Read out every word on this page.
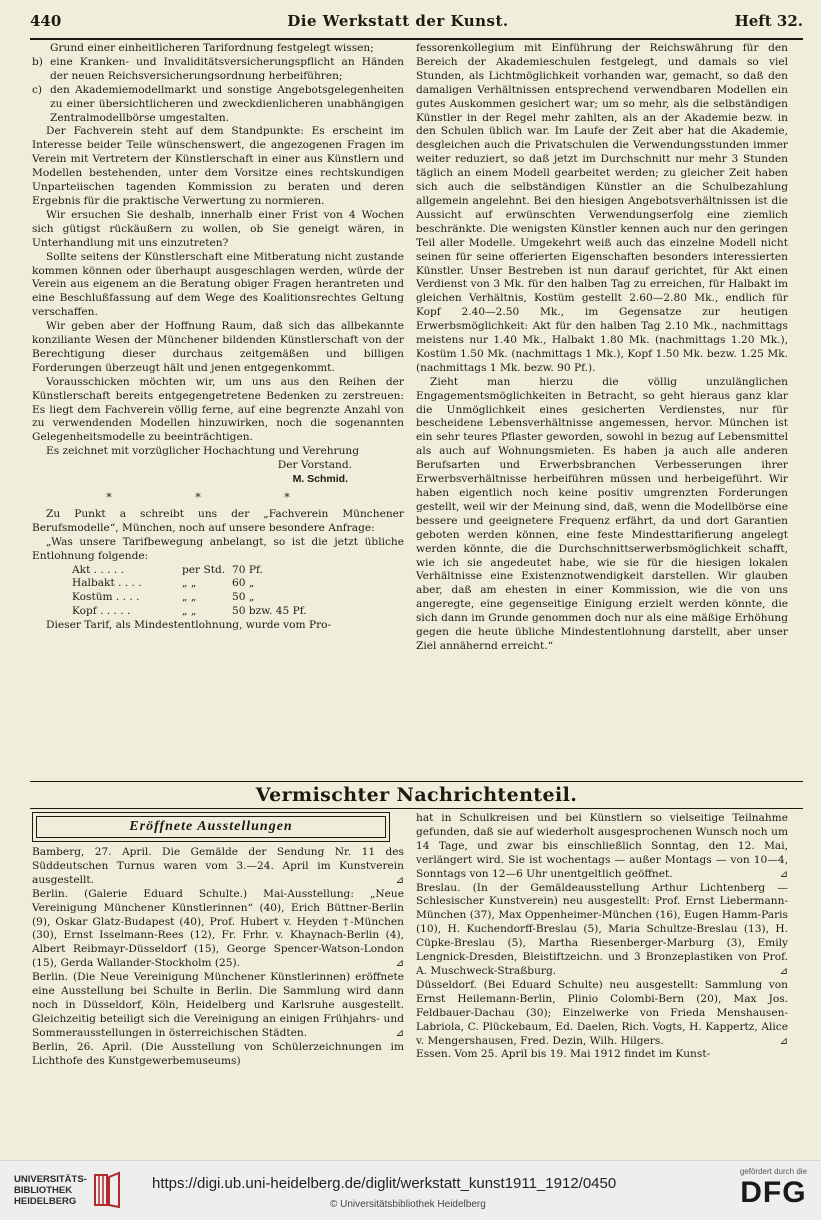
440	Die Werkstatt der Kunst.	Heft 32.

Grund einer einheitlicheren Tarifordnung festgelegt wissen;

b) eine Kranken- und Invaliditätsversicherungspflicht an Händen der neuen Reichsversicherungsordnung herbeiführen;
c) den Akademiemodellmarkt und sonstige Angebotsgelegenheiten zu einer übersichtlicheren und zweckdienlicheren unabhängigen Zentralmodellbörse umgestalten.

Der Fachverein steht auf dem Standpunkte: Es erscheint im Interesse beider Teile wünschenswert, die angezogenen Fragen im Verein mit Vertretern der Künstlerschaft in einer aus Künstlern und Modellen bestehenden, unter dem Vorsitze eines rechtskundigen Unparteiischen tagenden Kommission zu beraten und deren Ergebnis für die praktische Verwertung zu normieren.

Wir ersuchen Sie deshalb, innerhalb einer Frist von 4 Wochen sich gütigst rückäußern zu wollen, ob Sie geneigt wären, in Unterhandlung mit uns einzutreten?

Sollte seitens der Künstlerschaft eine Mitberatung nicht zustande kommen können oder überhaupt ausgeschlagen werden, würde der Verein aus eigenem an die Beratung obiger Fragen herantreten und eine Beschlußfassung auf dem Wege des Koalitionsrechtes Geltung verschaffen.

Wir geben aber der Hoffnung Raum, daß sich das allbekannte konziliante Wesen der Münchener bildenden Künstlerschaft von der Berechtigung dieser durchaus zeitgemäßen und billigen Forderungen überzeugt hält und jenen entgegenkommt.

Vorausschicken möchten wir, um uns aus den Reihen der Künstlerschaft bereits entgegengetretene Bedenken zu zerstreuen: Es liegt dem Fachverein völlig ferne, auf eine begrenzte Anzahl von zu verwendenden Modellen hinzuwirken, noch die sogenannten Gelegenheitsmodelle zu beeinträchtigen.

Es zeichnet mit vorzüglicher Hochachtung und Verehrung

Der Vorstand.
M. Schmid.
* * *

Zu Punkt a schreibt uns der „Fachverein Münchener Berufsmodelle“, München, noch auf unsere besondere Anfrage:

„Was unsere Tarifbewegung anbelangt, so ist die jetzt übliche Entlohnung folgende:

Akt . . . . .	per Std. 70 Pf.
Halbakt . . . .	„ „	60 „
Kostüm . . . .	„ „	50 „
Kopf . . . . .	„ „	50 bzw. 45 Pf.

Dieser Tarif, als Mindestentlohnung, wurde vom Pro-

fessorenkollegium mit Einführung der Reichswährung für den Bereich der Akademieschulen festgelegt, und damals so viel Stunden, als Lichtmöglichkeit vorhanden war, gemacht, so daß den damaligen Verhältnissen entsprechend verwendbaren Modellen ein gutes Auskommen gesichert war; um so mehr, als die selbständigen Künstler in der Regel mehr zahlten, als an der Akademie bezw. in den Schulen üblich war. Im Laufe der Zeit aber hat die Akademie, desgleichen auch die Privatschulen die Verwendungsstunden immer weiter reduziert, so daß jetzt im Durchschnitt nur mehr 3 Stunden täglich an einem Modell gearbeitet werden; zu gleicher Zeit haben sich auch die selbständigen Künstler an die Schulbezahlung allgemein angelehnt. Bei den hiesigen Angebotsverhältnissen ist die Aussicht auf erwünschten Verwendungserfolg eine ziemlich beschränkte. Die wenigsten Künstler kennen auch nur den geringen Teil aller Modelle. Umgekehrt weiß auch das einzelne Modell nicht seinen für seine offerierten Eigenschaften besonders interessierten Künstler. Unser Bestreben ist nun darauf gerichtet, für Akt einen Verdienst von 3 Mk. für den halben Tag zu erreichen, für Halbakt im gleichen Verhältnis, Kostüm gestellt 2.60—2.80 Mk., endlich für Kopf 2.40—2.50 Mk., im Gegensatze zur heutigen Erwerbsmöglichkeit: Akt für den halben Tag 2.10 Mk., nachmittags meistens nur 1.40 Mk., Halbakt 1.80 Mk. (nachmittags 1.20 Mk.), Kostüm 1.50 Mk. (nachmittags 1 Mk.), Kopf 1.50 Mk. bezw. 1.25 Mk. (nachmittags 1 Mk. bezw. 90 Pf.).

Zieht man hierzu die völlig unzulänglichen Engagementsmöglichkeiten in Betracht, so geht hieraus ganz klar die Unmöglichkeit eines gesicherten Verdienstes, nur für bescheidene Lebensverhältnisse angemessen, hervor. München ist ein sehr teures Pflaster geworden, sowohl in bezug auf Lebensmittel als auch auf Wohnungsmieten. Es haben ja auch alle anderen Berufsarten und Erwerbsbranchen Verbesserungen ihrer Erwerbsverhältnisse herbeiführen müssen und herbeigeführt. Wir haben eigentlich noch keine positiv umgrenzten Forderungen gestellt, weil wir der Meinung sind, daß, wenn die Modellbörse eine bessere und geeignetere Frequenz erfährt, da und dort Garantien geboten werden können, eine feste Mindesttarifierung angelegt werden könnte, die die Durchschnittserwerbsmöglichkeit schafft, wie ich sie angedeutet habe, wie sie für die hiesigen lokalen Verhältnisse eine Existenznotwendigkeit darstellen. Wir glauben aber, daß am ehesten in einer Kommission, wie die von uns angeregte, eine gegenseitige Einigung erzielt werden könnte, die sich dann im Grunde genommen doch nur als eine mäßige Erhöhung gegen die heute übliche Mindestentlohnung darstellt, aber unser Ziel annähernd erreicht.“

Vermischter Nachrichtenteil.
Eröffnete Ausstellungen

Bamberg, 27. April. Die Gemälde der Sendung Nr. 11 des Süddeutschen Turnus waren vom 3.—24. April im Kunstverein ausgestellt.	⊿

Berlin. (Galerie Eduard Schulte.) Mai-Ausstellung: „Neue Vereinigung Münchener Künstlerinnen“ (40), Erich Büttner-Berlin (9), Oskar Glatz-Budapest (40), Prof. Hubert v. Heyden †-München (30), Ernst Isselmann-Rees (12), Fr. Frhr. v. Khaynach-Berlin (4), Albert Reibmayr-Düsseldorf (15), George Spencer-Watson-London (15), Gerda Wallander-Stockholm (25).	⊿

Berlin. (Die Neue Vereinigung Münchener Künstlerinnen) eröffnete eine Ausstellung bei Schulte in Berlin. Die Sammlung wird dann noch in Düsseldorf, Köln, Heidelberg und Karlsruhe ausgestellt. Gleichzeitig beteiligt sich die Vereinigung an einigen Frühjahrs- und Sommerausstellungen in österreichischen Städten.	⊿

Berlin, 26. April. (Die Ausstellung von Schülerzeichnungen im Lichthofe des Kunstgewerbemuseums)

hat in Schulkreisen und bei Künstlern so vielseitige Teilnahme gefunden, daß sie auf wiederholt ausgesprochenen Wunsch noch um 14 Tage, und zwar bis einschließlich Sonntag, den 12. Mai, verlängert wird. Sie ist wochentags — außer Montags — von 10—4, Sonntags von 12—6 Uhr unentgeltlich geöffnet.	⊿

Breslau. (In der Gemäldeausstellung Arthur Lichtenberg — Schlesischer Kunstverein) neu ausgestellt: Prof. Ernst Liebermann-München (37), Max Oppenheimer-München (16), Eugen Hamm-Paris (10), H. Kuchendorff-Breslau (5), Maria Schultze-Breslau (13), H. Cüpke-Breslau (5), Martha Riesenberger-Marburg (3), Emily Lengnick-Dresden, Bleistiftzeichn. und 3 Bronzeplastiken von Prof. A. Muschweck-Straßburg.	⊿

Düsseldorf. (Bei Eduard Schulte) neu ausgestellt: Sammlung von Ernst Heilemann-Berlin, Plinio Colombi-Bern (20), Max Jos. Feldbauer-Dachau (30); Einzelwerke von Frieda Menshausen-Labriola, C. Plückebaum, Ed. Daelen, Rich. Vogts, H. Kappertz, Alice v. Mengershausen, Fred. Dezin, Wilh. Hilgers.	⊿

Essen. Vom 25. April bis 19. Mai 1912 findet im Kunst-

UNIVERSITÄTS-
BIBLIOTHEK
HEIDELBERG
https://digi.ub.uni-heidelberg.de/diglit/werkstatt_kunst1911_1912/0450
© Universitätsbibliothek Heidelberg
gefördert durch die
DFG
